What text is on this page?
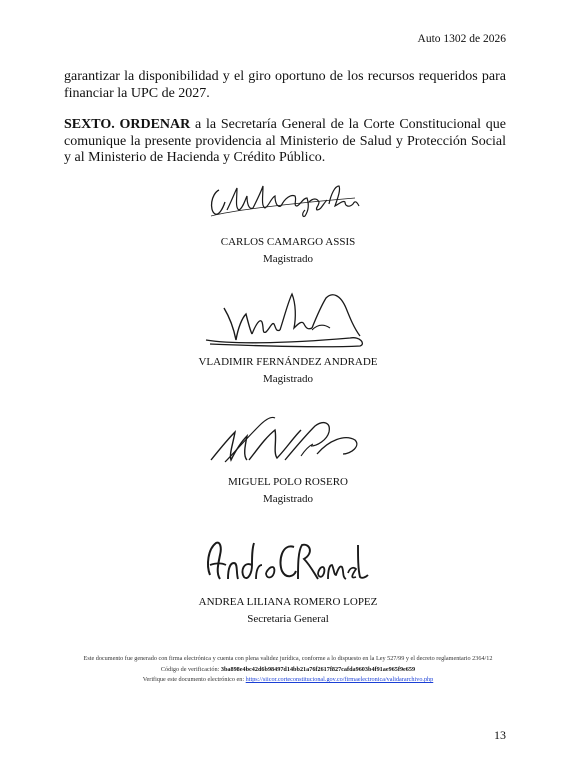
Auto 1302 de 2026

garantizar la disponibilidad y el giro oportuno de los recursos requeridos para financiar la UPC de 2027.

SEXTO. ORDENAR a la Secretaría General de la Corte Constitucional que comunique la presente providencia al Ministerio de Salud y Protección Social y al Ministerio de Hacienda y Crédito Público.

CARLOS CAMARGO ASSIS
Magistrado
VLADIMIR FERNÁNDEZ ANDRADE
Magistrado
MIGUEL POLO ROSERO
Magistrado
ANDREA LILIANA ROMERO LOPEZ
Secretaria General
Este documento fue generado con firma electrónica y cuenta con plena validez jurídica, conforme a lo dispuesto en la Ley 527/99 y el decreto reglamentario 2364/12
Código de verificación: 3ba898e4bc42d6b98497d14bb21a76f2617f827cafda9603b4f91ae965f9e659
Verifique este documento electrónico en: https://siicor.corteconstitucional.gov.co/firmaelectronica/validararchivo.php
13
